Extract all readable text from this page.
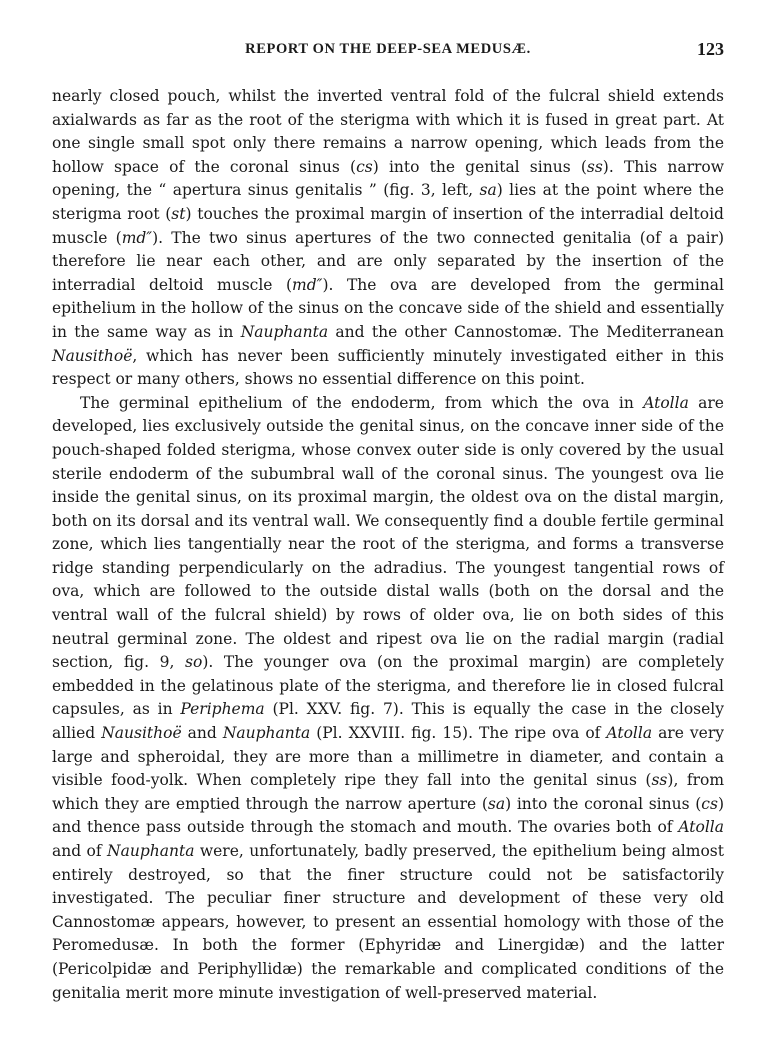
REPORT ON THE DEEP-SEA MEDUSÆ.	123

nearly closed pouch, whilst the inverted ventral fold of the fulcral shield extends axialwards as far as the root of the sterigma with which it is fused in great part. At one single small spot only there remains a narrow opening, which leads from the hollow space of the coronal sinus (cs) into the genital sinus (ss). This narrow opening, the “ apertura sinus genitalis ” (fig. 3, left, sa) lies at the point where the sterigma root (st) touches the proximal margin of insertion of the interradial deltoid muscle (md″). The two sinus apertures of the two connected genitalia (of a pair) therefore lie near each other, and are only separated by the insertion of the interradial deltoid muscle (md″). The ova are developed from the germinal epithelium in the hollow of the sinus on the concave side of the shield and essentially in the same way as in Nauphanta and the other Cannostomæ. The Mediterranean Nausithoë, which has never been sufficiently minutely investigated either in this respect or many others, shows no essential difference on this point.

The germinal epithelium of the endoderm, from which the ova in Atolla are developed, lies exclusively outside the genital sinus, on the concave inner side of the pouch-shaped folded sterigma, whose convex outer side is only covered by the usual sterile endoderm of the subumbral wall of the coronal sinus. The youngest ova lie inside the genital sinus, on its proximal margin, the oldest ova on the distal margin, both on its dorsal and its ventral wall. We consequently find a double fertile germinal zone, which lies tangentially near the root of the sterigma, and forms a transverse ridge standing perpendicularly on the adradius. The youngest tangential rows of ova, which are followed to the outside distal walls (both on the dorsal and the ventral wall of the fulcral shield) by rows of older ova, lie on both sides of this neutral germinal zone. The oldest and ripest ova lie on the radial margin (radial section, fig. 9, so). The younger ova (on the proximal margin) are completely embedded in the gelatinous plate of the sterigma, and therefore lie in closed fulcral capsules, as in Periphema (Pl. XXV. fig. 7). This is equally the case in the closely allied Nausithoë and Nauphanta (Pl. XXVIII. fig. 15). The ripe ova of Atolla are very large and spheroidal, they are more than a millimetre in diameter, and contain a visible food-yolk. When completely ripe they fall into the genital sinus (ss), from which they are emptied through the narrow aperture (sa) into the coronal sinus (cs) and thence pass outside through the stomach and mouth. The ovaries both of Atolla and of Nauphanta were, unfortunately, badly preserved, the epithelium being almost entirely destroyed, so that the finer structure could not be satisfactorily investigated. The peculiar finer structure and development of these very old Cannostomæ appears, however, to present an essential homology with those of the Peromedusæ. In both the former (Ephyridæ and Linergidæ) and the latter (Pericolpidæ and Periphyllidæ) the remarkable and complicated conditions of the genitalia merit more minute investigation of well-preserved material.
